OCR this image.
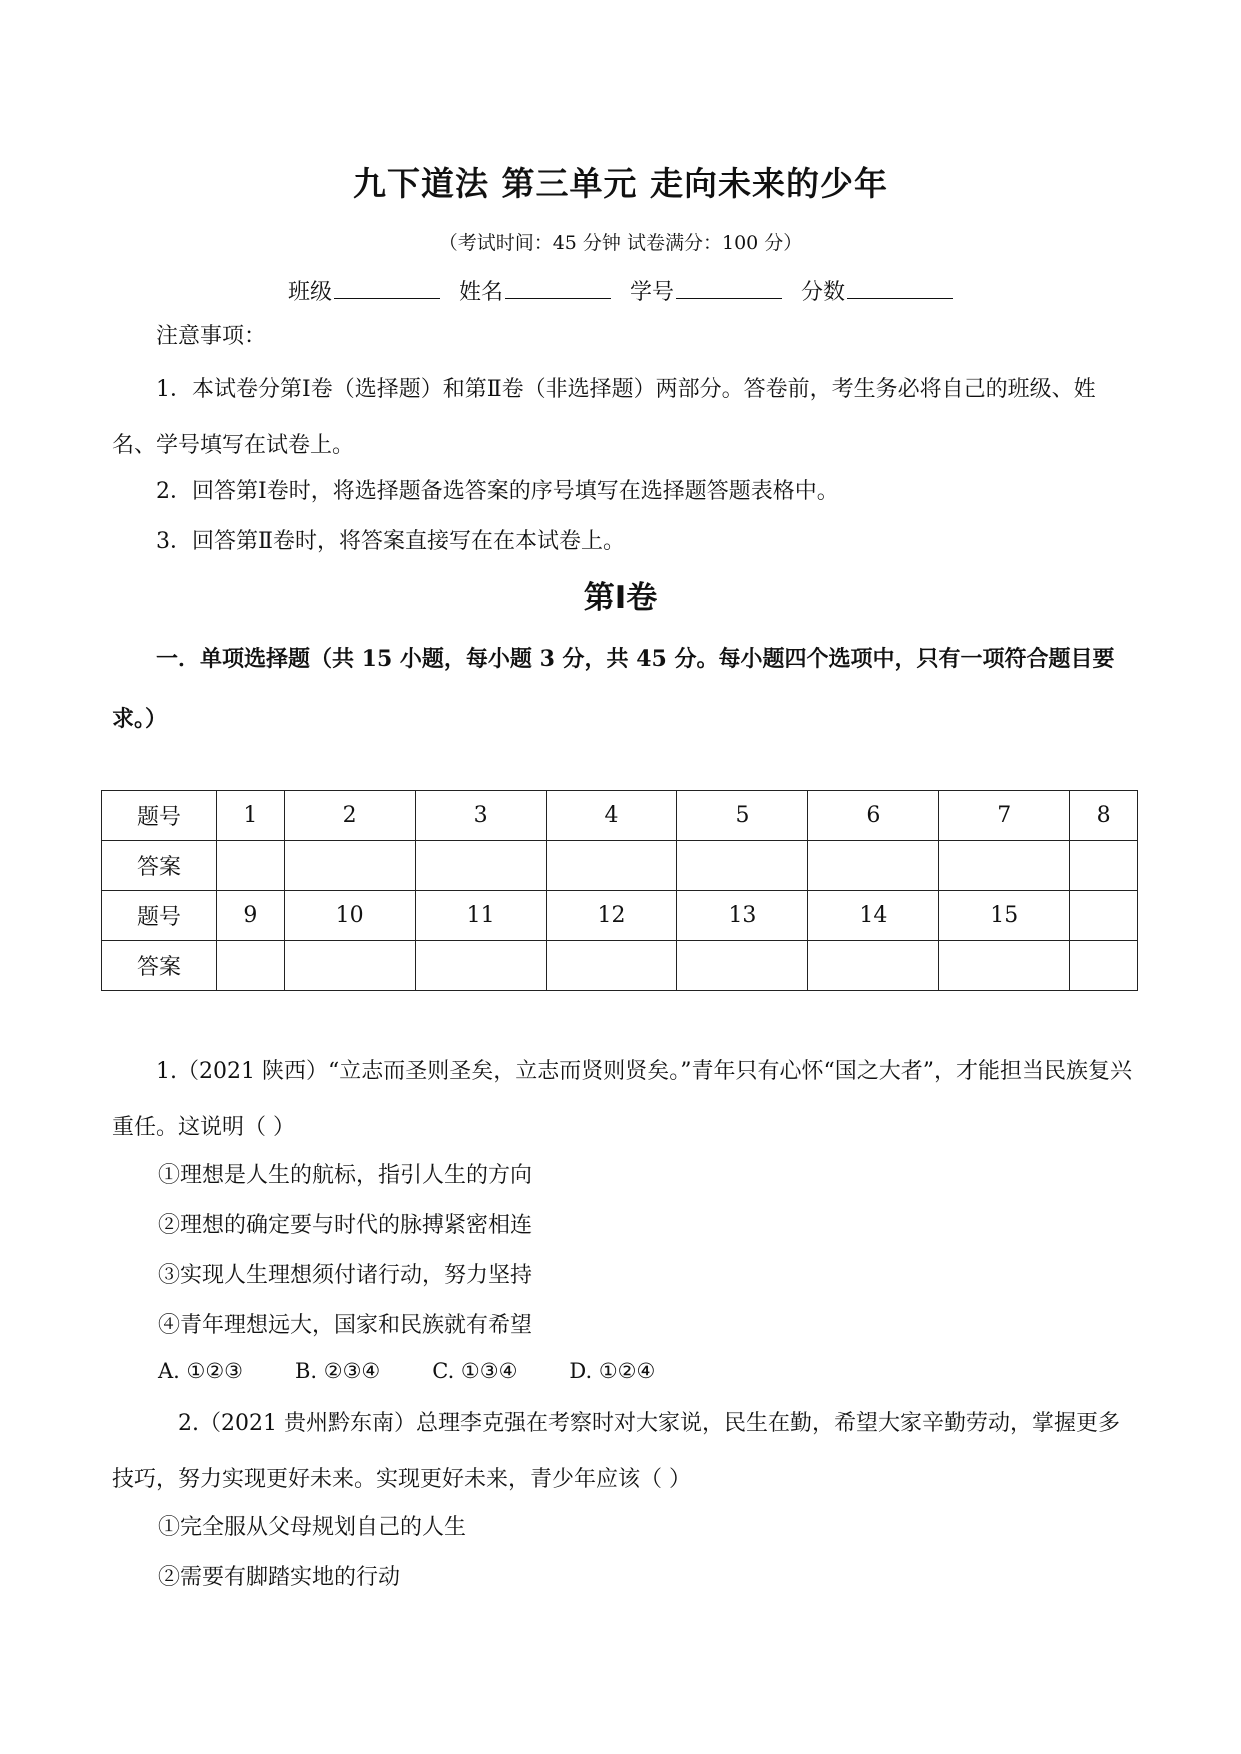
九下道法 第三单元 走向未来的少年
（考试时间：45 分钟 试卷满分：100 分）
班级	姓名	学号	分数
注意事项：
1．本试卷分第Ⅰ卷（选择题）和第Ⅱ卷（非选择题）两部分。答卷前，考生务必将自己的班级、姓名、学号填写在试卷上。
2．回答第Ⅰ卷时，将选择题备选答案的序号填写在选择题答题表格中。
3．回答第Ⅱ卷时，将答案直接写在在本试卷上。
第Ⅰ卷
一．单项选择题（共 15 小题，每小题 3 分，共 45 分。每小题四个选项中，只有一项符合题目要求。）
题号	1	2	3	4	5	6	7	8
答案								
题号	9	10	11	12	13	14	15	
答案								
1.（2021 陕西）“立志而圣则圣矣，立志而贤则贤矣。”青年只有心怀“国之大者”，才能担当民族复兴重任。这说明（ ）
①理想是人生的航标，指引人生的方向
②理想的确定要与时代的脉搏紧密相连
③实现人生理想须付诸行动，努力坚持
④青年理想远大，国家和民族就有希望
A. ①②③ B. ②③④ C. ①③④ D. ①②④
2.（2021 贵州黔东南）总理李克强在考察时对大家说，民生在勤，希望大家辛勤劳动，掌握更多技巧，努力实现更好未来。实现更好未来，青少年应该（ ）
①完全服从父母规划自己的人生
②需要有脚踏实地的行动
